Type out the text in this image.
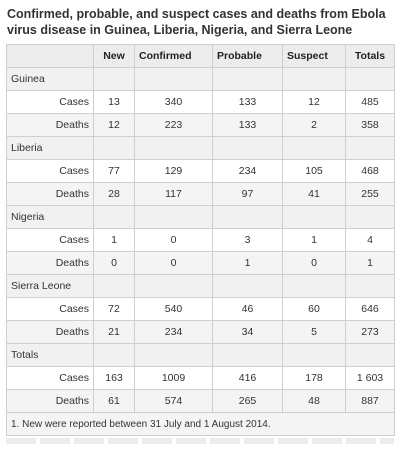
Confirmed, probable, and suspect cases and deaths from Ebola virus disease in Guinea, Liberia, Nigeria, and Sierra Leone
	New	Confirmed	Probable	Suspect	Totals
Guinea					
Cases	13	340	133	12	485
Deaths	12	223	133	2	358
Liberia					
Cases	77	129	234	105	468
Deaths	28	117	97	41	255
Nigeria					
Cases	1	0	3	1	4
Deaths	0	0	1	0	1
Sierra Leone					
Cases	72	540	46	60	646
Deaths	21	234	34	5	273
Totals					
Cases	163	1009	416	178	1 603
Deaths	61	574	265	48	887
1. New were reported between 31 July and 1 August 2014.					
